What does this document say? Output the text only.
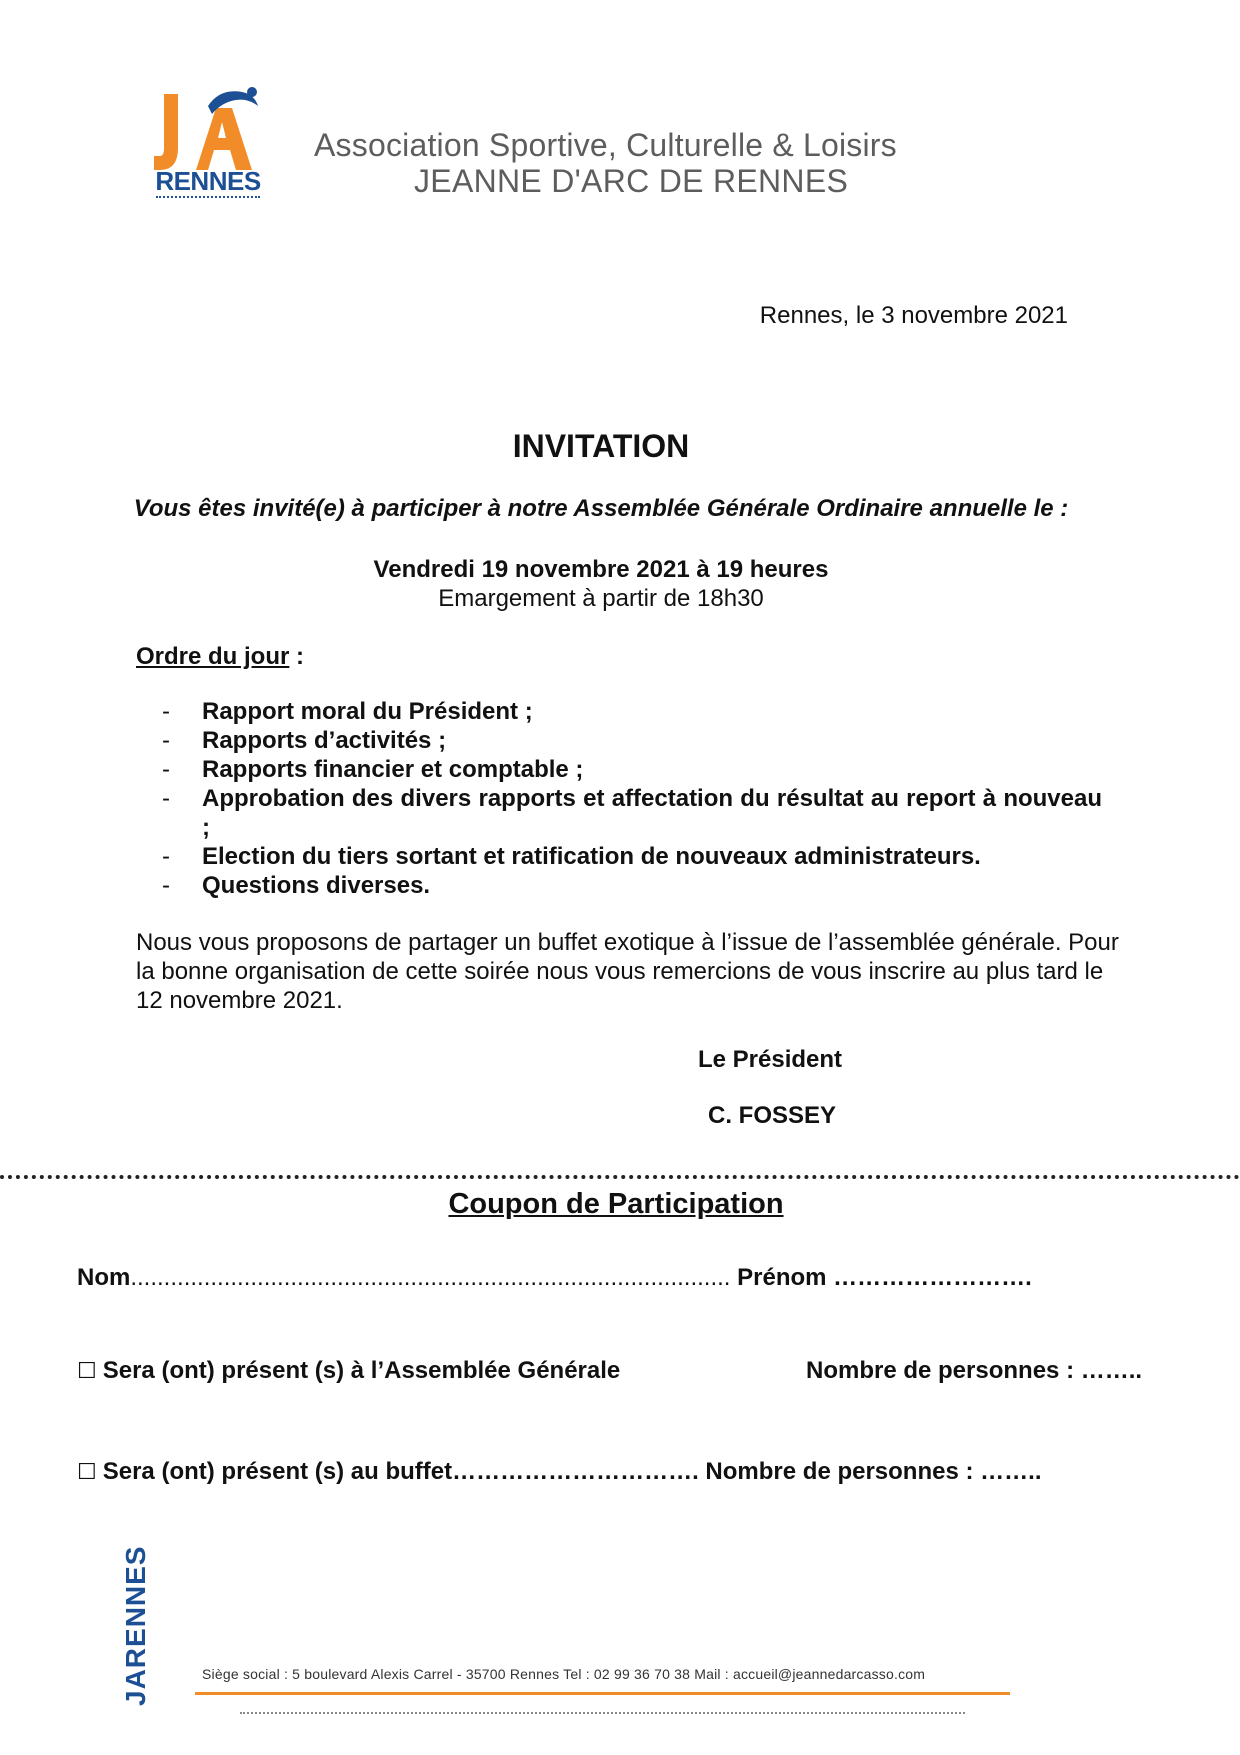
RENNES
Association Sportive, Culturelle & Loisirs
JEANNE D'ARC DE RENNES
Rennes, le 3 novembre 2021
INVITATION
Vous êtes invité(e) à participer à notre Assemblée Générale Ordinaire annuelle le :
Vendredi 19 novembre 2021 à 19 heures
Emargement à partir de 18h30
Ordre du jour :
- Rapport moral du Président ;
- Rapports d’activités ;
- Rapports financier et comptable ;
- Approbation des divers rapports et affectation du résultat au report à nouveau ;
- Election du tiers sortant et ratification de nouveaux administrateurs.
- Questions diverses.
Nous vous proposons de partager un buffet exotique à l’issue de l’assemblée générale. Pour la bonne organisation de cette soirée nous vous remercions de vous inscrire au plus tard le 12 novembre 2021.
Le Président
C. FOSSEY
Coupon de Participation
Nom.......................................................................................... Prénom …………………….
☐ Sera (ont) présent (s) à l’Assemblée Générale	Nombre de personnes : ……..
☐ Sera (ont) présent (s) au buffet…………………………. Nombre de personnes : ……..
JARENNES	Siège social : 5 boulevard Alexis Carrel - 35700 Rennes Tel : 02 99 36 70 38 Mail : accueil@jeannedarcasso.com
